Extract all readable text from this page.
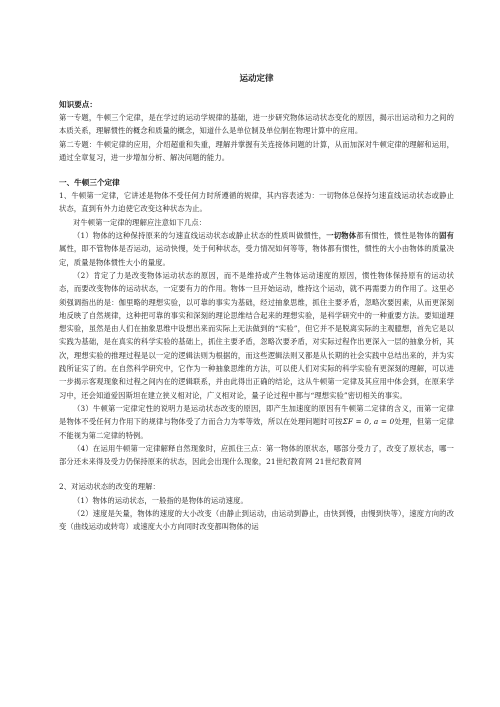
运动定律
知识要点：

第一专题，牛顿三个定律，是在学过的运动学规律的基础，进一步研究物体运动状态变化的原因，揭示出运动和力之间的本质关系，理解惯性的概念和质量的概念，知道什么是单位制及单位制在物理计算中的应用。

第二专题：牛顿定律的应用，介绍超重和失重，理解并掌握有关连接体问题的计算，从而加深对牛顿定律的理解和运用，通过全章复习，进一步增加分析、解决问题的能力。

一、牛顿三个定律

1、牛顿第一定律，它讲述是物体不受任何力时所遵循的规律，其内容表述为：一切物体总保持匀速直线运动状态或静止状态，直到有外力迫使它改变这种状态为止。

对牛顿第一定律的理解应注意如下几点：

（1）物体的这种保持原来的匀速直线运动状态或静止状态的性质叫做惯性，一切物体都有惯性，惯性是物体的固有属性，即不管物体是否运动，运动快慢，处于何种状态，受力情况如何等等，物体都有惯性，惯性的大小由物体的质量决定，质量是物体惯性大小的量度。

（2）肯定了力是改变物体运动状态的原因，而不是维持或产生物体运动速度的原因，惯性物体保持原有的运动状态，而要改变物体的运动状态，一定要有力的作用。物体一旦开始运动，维持这个运动，就不再需要力的作用了。这里必须强调指出的是：伽里略的理想实验，以可靠的事实为基础，经过抽象思维，抓住主要矛盾，忽略次要因素，从而更深刻地反映了自然规律，这种把可靠的事实和深刻的理论思维结合起来的理想实验，是科学研究中的一种重要方法。要知道理想实验，虽然是由人们在抽象思维中设想出来而实际上无法做到的“实验”，但它并不是脱离实际的主观臆想，首先它是以实践为基础，是在真实的科学实验的基础上，抓住主要矛盾，忽略次要矛盾，对实际过程作出更深入一层的抽象分析，其次，理想实验的推理过程是以一定的逻辑法则为根据的，而这些逻辑法则又都是从长期的社会实践中总结出来的，并为实践所证实了的。在自然科学研究中，它作为一种抽象思维的方法，可以使人们对实际的科学实验有更深刻的理解，可以进一步揭示客观现象和过程之间内在的逻辑联系，并由此得出正确的结论，这从牛顿第一定律及其应用中体会到，在原来学习中，还会知道爱因斯坦在建立狭义相对论，广义相对论，量子论过程中都与“理想实验”密切相关的事实。

（3）牛顿第一定律定性的说明力是运动状态改变的原因，即产生加速度的原因有牛顿第二定律的含义，而第一定律是物体不受任何力作用下的规律与物体受了力而合力为零等效，所以在处理问题时可按ΣF = 0, a = 0处理，但第一定律不能视为第二定律的特例。

（4）在运用牛顿第一定律解释自然现象时，应抓住三点：第一物体的原状态，哪部分受力了，改变了原状态，哪一部分还未来得及受力仍保持原来的状态，因此会出现什么现象，21世纪教育网 21世纪教育网

2、对运动状态的改变的理解：

（1）物体的运动状态，一般指的是物体的运动速度。

（2）速度是矢量，物体的速度的大小改变（由静止到运动，由运动到静止，由快到慢，由慢到快等），速度方向的改变（曲线运动或转弯）或速度大小方向同时改变都叫物体的运
